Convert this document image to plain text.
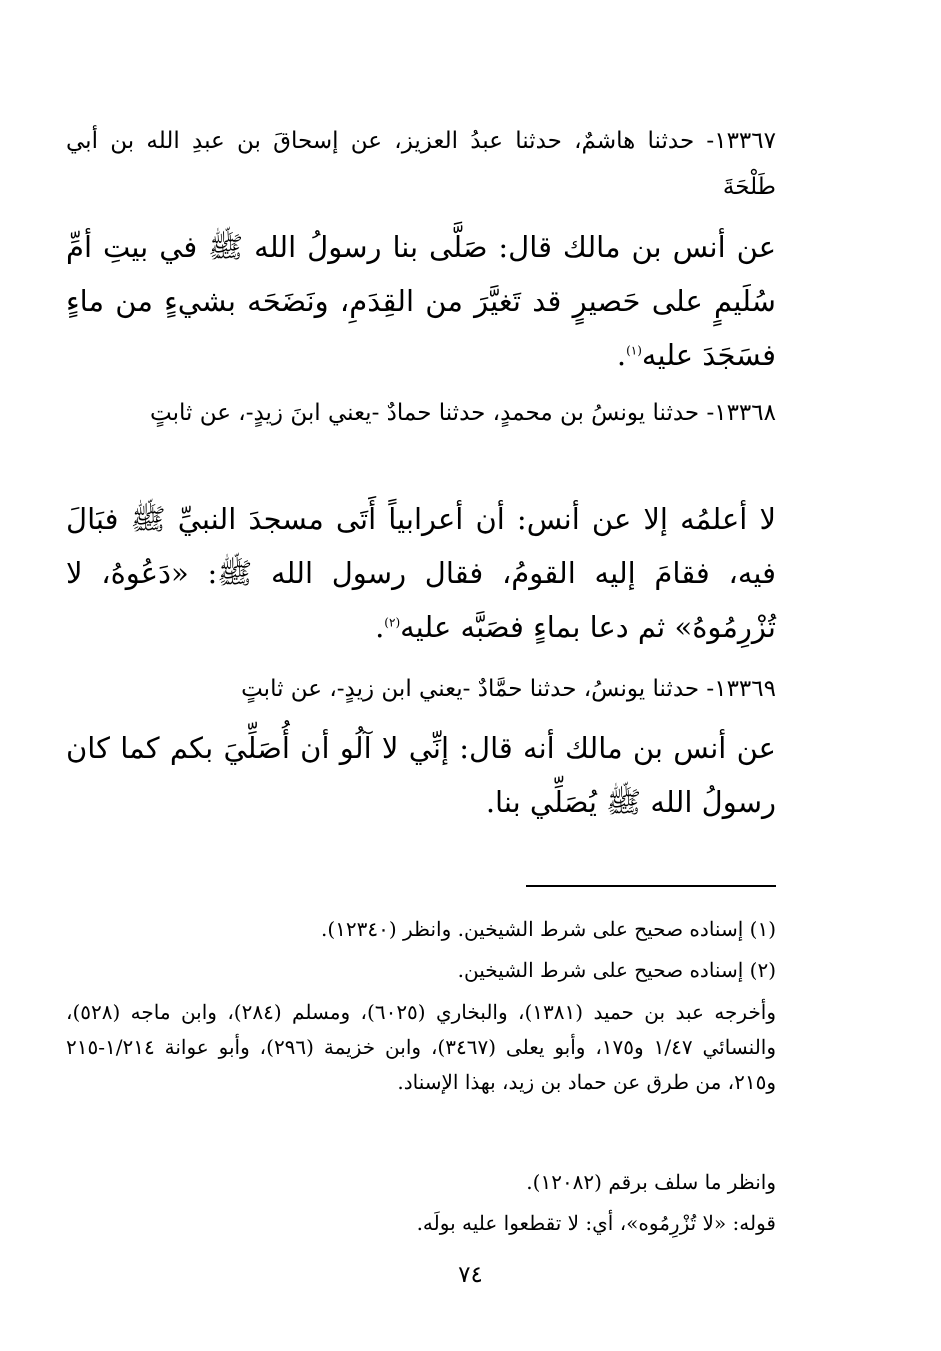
١٣٣٦٧- حدثنا هاشمٌ، حدثنا عبدُ العزيز، عن إسحاقَ بن عبدِ الله بن أبي طَلْحَةَ
عن أنس بن مالك قال: صَلَّى بنا رسولُ الله ﷺ في بيتِ أمِّ سُلَيمٍ على حَصيرٍ قد تَغيَّرَ من القِدَمِ، ونَضَحَه بشيءٍ من ماءٍ فسَجَدَ عليه$^{(١)}$.
١٣٣٦٨- حدثنا يونسُ بن محمدٍ، حدثنا حمادٌ -يعني ابنَ زيدٍ-، عن ثابتٍ
لا أعلمُه إلا عن أنس: أن أعرابياً أَتَى مسجدَ النبيِّ ﷺ فبَالَ فيه، فقامَ إليه القومُ، فقال رسول الله ﷺ: «دَعُوهُ، لا تُزْرِمُوهُ» ثم دعا بماءٍ فصَبَّه عليه$^{(٢)}$.
١٣٣٦٩- حدثنا يونسُ، حدثنا حمَّادٌ -يعني ابن زيدٍ-، عن ثابتٍ
عن أنس بن مالك أنه قال: إنِّي لا آلُو أن أُصَلِّيَ بكم كما كان رسولُ الله ﷺ يُصَلِّي بنا.
(١) إسناده صحيح على شرط الشيخين. وانظر (١٢٣٤٠).
(٢) إسناده صحيح على شرط الشيخين.
وأخرجه عبد بن حميد (١٣٨١)، والبخاري (٦٠٢٥)، ومسلم (٢٨٤)، وابن ماجه (٥٢٨)، والنسائي ١/٤٧ و١٧٥، وأبو يعلى (٣٤٦٧)، وابن خزيمة (٢٩٦)، وأبو عوانة ١/٢١٤-٢١٥ و٢١٥، من طرق عن حماد بن زيد، بهذا الإسناد.
وانظر ما سلف برقم (١٢٠٨٢).
قوله: «لا تُزْرِمُوه»، أي: لا تقطعوا عليه بولَه.
٧٤
